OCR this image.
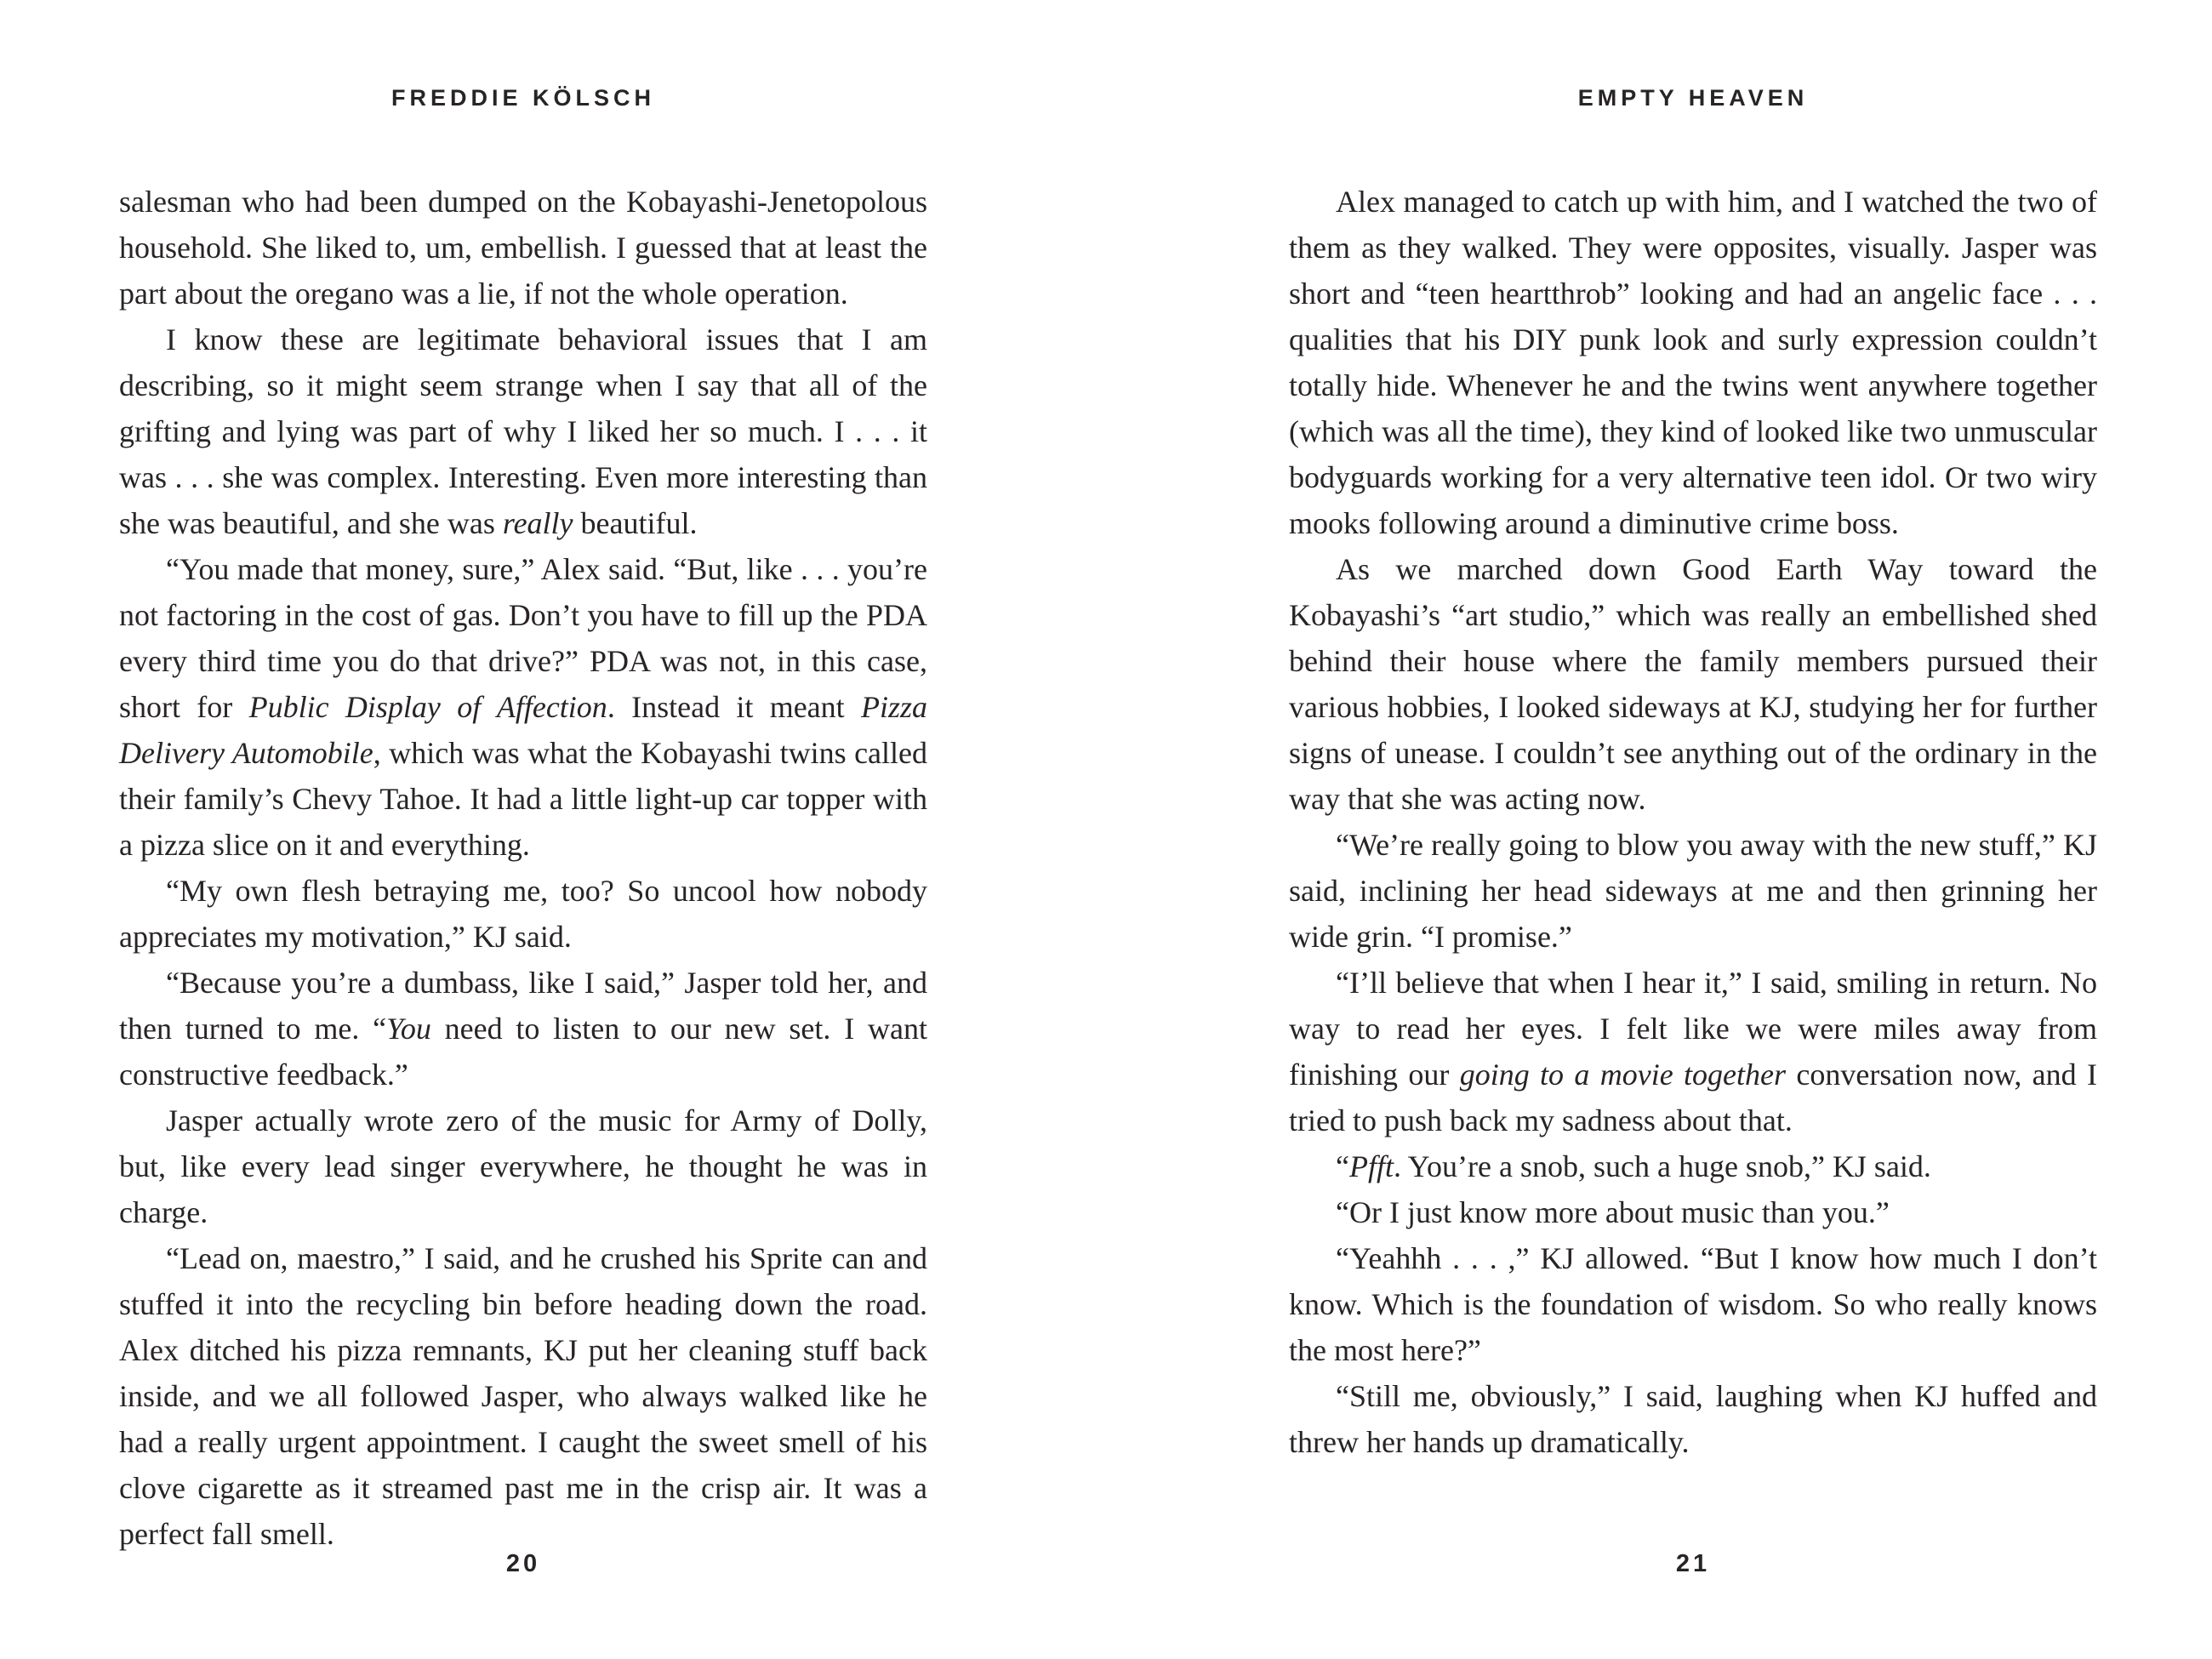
FREDDIE KÖLSCH	EMPTY HEAVEN

salesman who had been dumped on the Kobayashi-Jenetopolous household. She liked to, um, embellish. I guessed that at least the part about the oregano was a lie, if not the whole operation.

I know these are legitimate behavioral issues that I am describing, so it might seem strange when I say that all of the grifting and lying was part of why I liked her so much. I . . . it was . . . she was complex. Interesting. Even more interesting than she was beautiful, and she was really beautiful.

“You made that money, sure,” Alex said. “But, like . . . you’re not factoring in the cost of gas. Don’t you have to fill up the PDA every third time you do that drive?” PDA was not, in this case, short for Public Display of Affection. Instead it meant Pizza Delivery Automobile, which was what the Kobayashi twins called their family’s Chevy Tahoe. It had a little light-up car topper with a pizza slice on it and everything.

“My own flesh betraying me, too? So uncool how nobody appreciates my motivation,” KJ said.

“Because you’re a dumbass, like I said,” Jasper told her, and then turned to me. “You need to listen to our new set. I want constructive feedback.”

Jasper actually wrote zero of the music for Army of Dolly, but, like every lead singer everywhere, he thought he was in charge.

“Lead on, maestro,” I said, and he crushed his Sprite can and stuffed it into the recycling bin before heading down the road. Alex ditched his pizza remnants, KJ put her cleaning stuff back inside, and we all followed Jasper, who always walked like he had a really urgent appointment. I caught the sweet smell of his clove cigarette as it streamed past me in the crisp air. It was a perfect fall smell.

Alex managed to catch up with him, and I watched the two of them as they walked. They were opposites, visually. Jasper was short and “teen heartthrob” looking and had an angelic face . . . qualities that his DIY punk look and surly expression couldn’t totally hide. Whenever he and the twins went anywhere together (which was all the time), they kind of looked like two unmuscular bodyguards working for a very alternative teen idol. Or two wiry mooks following around a diminutive crime boss.

As we marched down Good Earth Way toward the Kobayashi’s “art studio,” which was really an embellished shed behind their house where the family members pursued their various hobbies, I looked sideways at KJ, studying her for further signs of unease. I couldn’t see anything out of the ordinary in the way that she was acting now.

“We’re really going to blow you away with the new stuff,” KJ said, inclining her head sideways at me and then grinning her wide grin. “I promise.”

“I’ll believe that when I hear it,” I said, smiling in return. No way to read her eyes. I felt like we were miles away from finishing our going to a movie together conversation now, and I tried to push back my sadness about that.

“Pfft. You’re a snob, such a huge snob,” KJ said.

“Or I just know more about music than you.”

“Yeahhh . . . ,” KJ allowed. “But I know how much I don’t know. Which is the foundation of wisdom. So who really knows the most here?”

“Still me, obviously,” I said, laughing when KJ huffed and threw her hands up dramatically.

20	21
